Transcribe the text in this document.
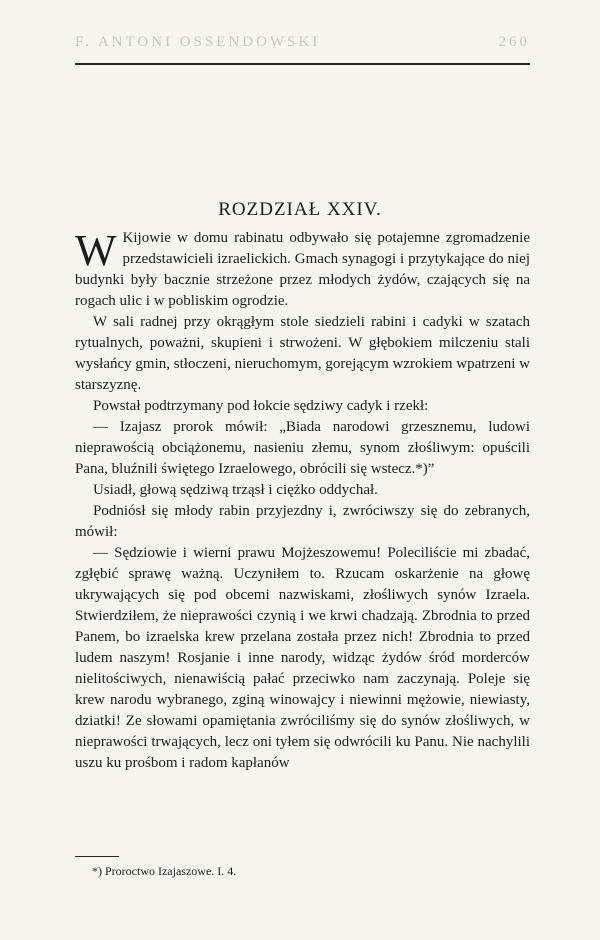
F. ANTONI OSSENDOWSKI	260
ROZDZIAŁ XXIV.

W Kijowie w domu rabinatu odbywało się potajemne zgromadzenie przedstawicieli izraelickich. Gmach synagogi i przytykające do niej budynki były bacznie strzeżone przez młodych żydów, czających się na rogach ulic i w pobliskim ogrodzie.

W sali radnej przy okrągłym stole siedzieli rabini i cadyki w szatach rytualnych, poważni, skupieni i strwożeni. W głębokiem milczeniu stali wysłańcy gmin, stłoczeni, nieruchomym, gorejącym wzrokiem wpatrzeni w starszyznę.

Powstał podtrzymany pod łokcie sędziwy cadyk i rzekł:

— Izajasz prorok mówił: „Biada narodowi grzesznemu, ludowi nieprawością obciążonemu, nasieniu złemu, synom złośliwym: opuścili Pana, bluźnili świętego Izraelowego, obrócili się wstecz.*)”

Usiadł, głową sędziwą trząsł i ciężko oddychał.

Podniósł się młody rabin przyjezdny i, zwróciwszy się do zebranych, mówił:

— Sędziowie i wierni prawu Mojżeszowemu! Poleciliście mi zbadać, zgłębić sprawę ważną. Uczyniłem to. Rzucam oskarżenie na głowę ukrywających się pod obcemi nazwiskami, złośliwych synów Izraela. Stwierdziłem, że nieprawości czynią i we krwi chadzają. Zbrodnia to przed Panem, bo izraelska krew przelana została przez nich! Zbrodnia to przed ludem naszym! Rosjanie i inne narody, widząc żydów śród morderców nielitościwych, nienawiścią pałać przeciwko nam zaczynają. Poleje się krew narodu wybranego, zginą winowajcy i niewinni mężowie, niewiasty, dziatki! Ze słowami opamiętania zwróciliśmy się do synów złośliwych, w nieprawości trwających, lecz oni tyłem się odwrócili ku Panu. Nie nachylili uszu ku prośbom i radom kapłanów

*) Proroctwo Izajaszowe. I. 4.
